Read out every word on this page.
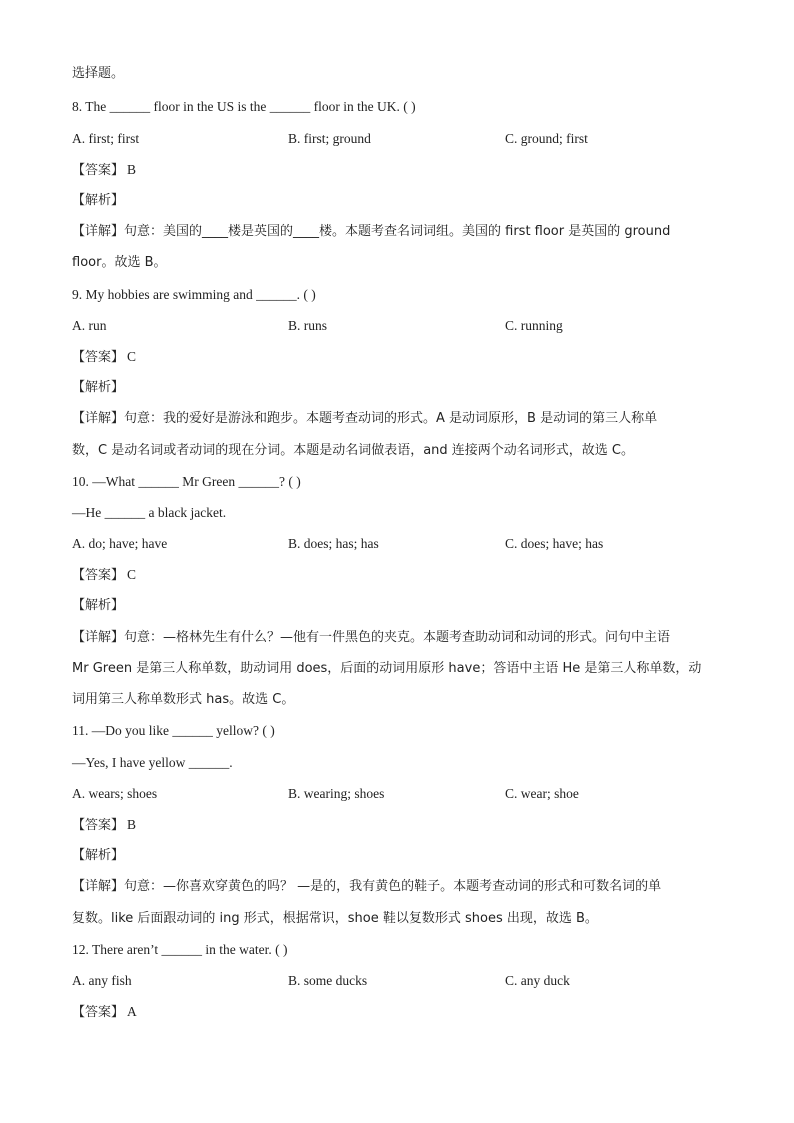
选择题。
8. The ______ floor in the US is the ______ floor in the UK. ( )
A. first; first	B. first; ground	C. ground; first
【答案】 B
【解析】
【详解】句意：美国的____楼是英国的____楼。本题考查名词词组。美国的 first floor 是英国的 ground
floor。故选 B。
9. My hobbies are swimming and ______. ( )
A. run	B. runs	C. running
【答案】 C
【解析】
【详解】句意：我的爱好是游泳和跑步。本题考查动词的形式。A 是动词原形，B 是动词的第三人称单
数，C 是动名词或者动词的现在分词。本题是动名词做表语，and 连接两个动名词形式，故选 C。
10. —What ______ Mr Green ______? ( )
—He ______ a black jacket.
A. do; have; have	B. does; has; has	C. does; have; has
【答案】 C
【解析】
【详解】句意：—格林先生有什么？—他有一件黑色的夹克。本题考查助动词和动词的形式。问句中主语
Mr Green 是第三人称单数，助动词用 does，后面的动词用原形 have；答语中主语 He 是第三人称单数，动
词用第三人称单数形式 has。故选 C。
11. —Do you like ______ yellow? ( )
—Yes, I have yellow ______.
A. wears; shoes	B. wearing; shoes	C. wear; shoe
【答案】 B
【解析】
【详解】句意：—你喜欢穿黄色的吗？ —是的，我有黄色的鞋子。本题考查动词的形式和可数名词的单
复数。like 后面跟动词的 ing 形式，根据常识，shoe 鞋以复数形式 shoes 出现，故选 B。
12. There aren’t ______ in the water. ( )
A. any fish	B. some ducks	C. any duck
【答案】 A
